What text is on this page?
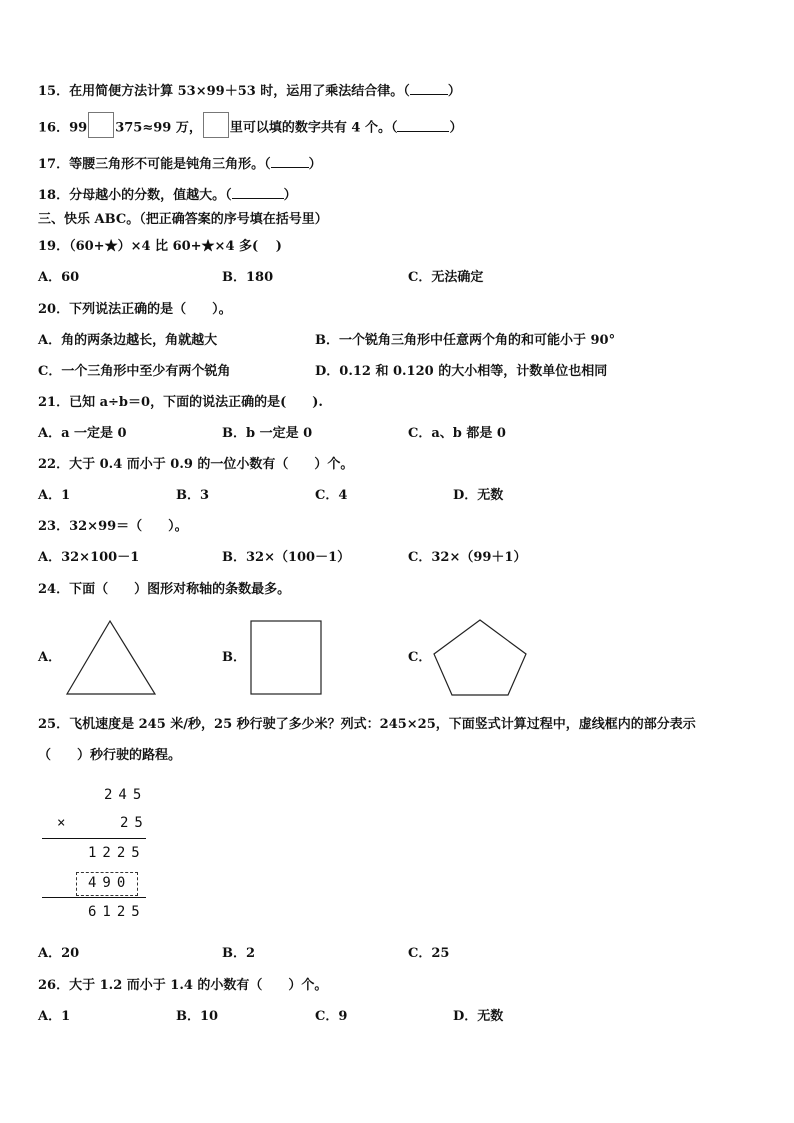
15．在用简便方法计算 53×99＋53 时，运用了乘法结合律。（	）
16．99 375≈99 万， 里可以填的数字共有 4 个。（	）
17．等腰三角形不可能是钝角三角形。（	）
18．分母越小的分数，值越大。（	）
三、快乐 ABC。（把正确答案的序号填在括号里）
19．（60+★）×4 比 60+★×4 多(　 )
A．60	B．180	C．无法确定
20．下列说法正确的是（　　）。
A．角的两条边越长，角就越大	B．一个锐角三角形中任意两个角的和可能小于 90°
C．一个三角形中至少有两个锐角	D．0.12 和 0.120 的大小相等，计数单位也相同
21．已知 a÷b＝0，下面的说法正确的是(　　).
A．a 一定是 0	B．b 一定是 0	C．a、b 都是 0
22．大于 0.4 而小于 0.9 的一位小数有（　　）个。
A．1	B．3	C．4	D．无数
23．32×99＝（　　）。
A．32×100－1	B．32×（100－1）	C．32×（99＋1）
24．下面（　　）图形对称轴的条数最多。
A．	B．	C．
25．飞机速度是 245 米/秒，25 秒行驶了多少米？列式：245×25，下面竖式计算过程中，虚线框内的部分表示
（　　）秒行驶的路程。
245
×	25
1225
490
6125
A．20	B．2	C．25
26．大于 1.2 而小于 1.4 的小数有（　　）个。
A．1	B．10	C．9	D．无数
